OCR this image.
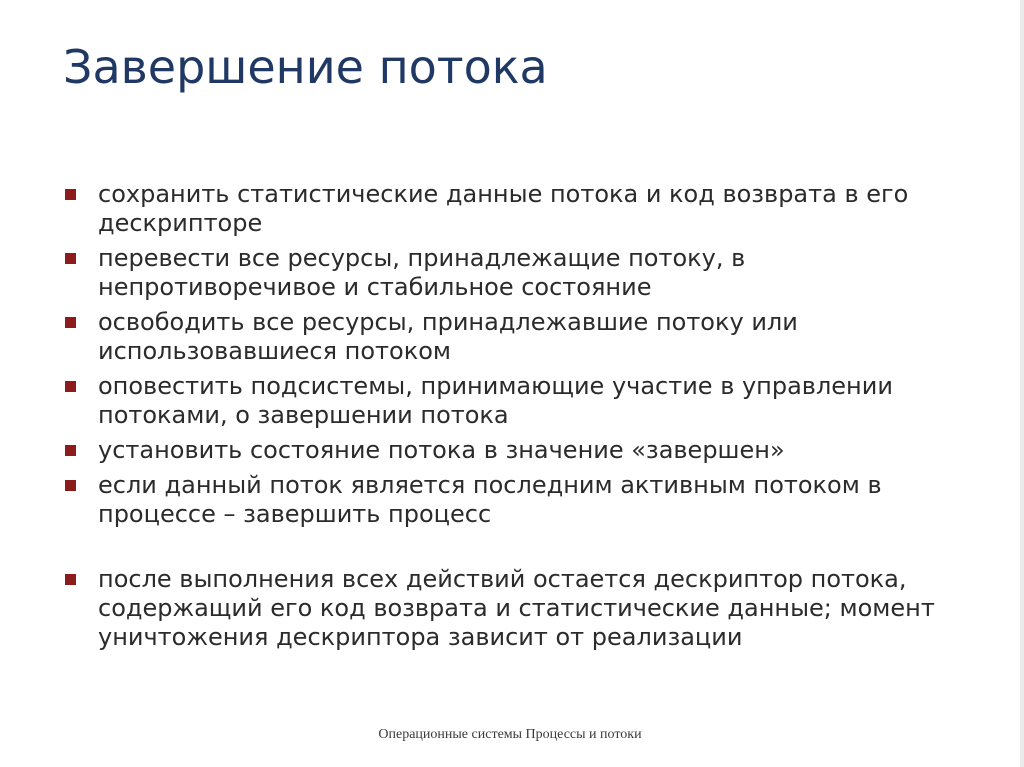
Завершение потока
сохранить статистические данные потока и код возврата в его дескрипторе
перевести все ресурсы, принадлежащие потоку, в непротиворечивое и стабильное состояние
освободить все ресурсы, принадлежавшие потоку или использовавшиеся потоком
оповестить подсистемы, принимающие участие в управлении потоками, о завершении потока
установить состояние потока в значение «завершен»
если данный поток является последним активным потоком в процессе – завершить процесс
после выполнения всех действий остается дескриптор потока, содержащий его код возврата и статистические данные; момент уничтожения дескриптора зависит от реализации
Операционные системы Процессы и потоки
